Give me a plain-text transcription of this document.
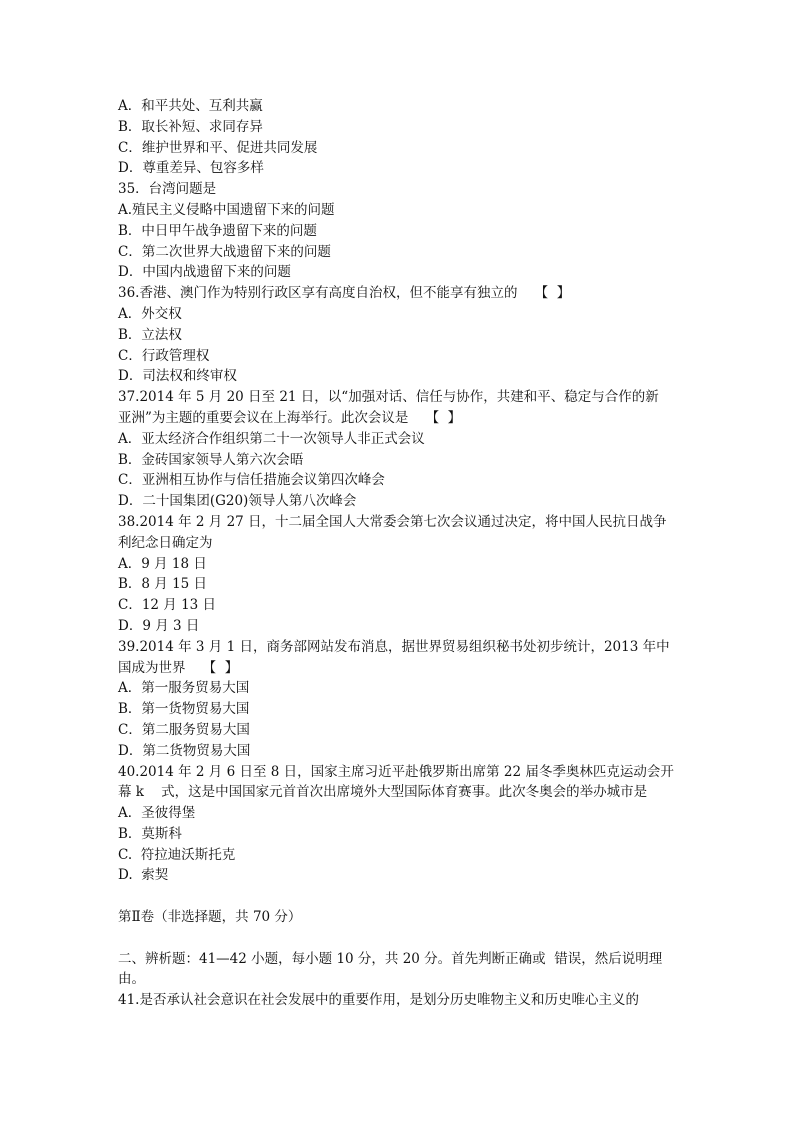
A．和平共处、互利共赢
B．取长补短、求同存异
C．维护世界和平、促进共同发展
D．尊重差异、包容多样
35．台湾问题是
A.殖民主义侵略中国遗留下来的问题
B．中日甲午战争遗留下来的问题
C．第二次世界大战遗留下来的问题
D．中国内战遗留下来的问题
36.香港、澳门作为特别行政区享有高度自治权，但不能享有独立的    【  】
A．外交权
B．立法权
C．行政管理权
D．司法权和终审权
37.2014 年 5 月 20 日至 21 日，以“加强对话、信任与协作，共建和平、稳定与合作的新
亚洲”为主题的重要会议在上海举行。此次会议是    【  】
A．亚太经济合作组织第二十一次领导人非正式会议
B．金砖国家领导人第六次会晤
C．亚洲相互协作与信任措施会议第四次峰会
D．二十国集团(G20)领导人第八次峰会
38.2014 年 2 月 27 日，十二届全国人大常委会第七次会议通过决定，将中国人民抗日战争
利纪念日确定为
A．9 月 18 日
B．8 月 15 日
C．12 月 13 日
D．9 月 3 日
39.2014 年 3 月 1 日，商务部网站发布消息，据世界贸易组织秘书处初步统计，2013 年中
国成为世界    【  】
A．第一服务贸易大国
B．第一货物贸易大国
C．第二服务贸易大国
D．第二货物贸易大国
40.2014 年 2 月 6 日至 8 日，国家主席习近平赴俄罗斯出席第 22 届冬季奥林匹克运动会开
幕 k    式，这是中国国家元首首次出席境外大型国际体育赛事。此次冬奥会的举办城市是
A．圣彼得堡
B．莫斯科
C.  符拉迪沃斯托克
D.  索契
第Ⅱ卷（非选择题，共 70 分）
二、辨析题：41—42 小题，每小题 10 分，共 20 分。首先判断正确或  错误，然后说明理
由。
41.是否承认社会意识在社会发展中的重要作用，是划分历史唯物主义和历史唯心主义的
